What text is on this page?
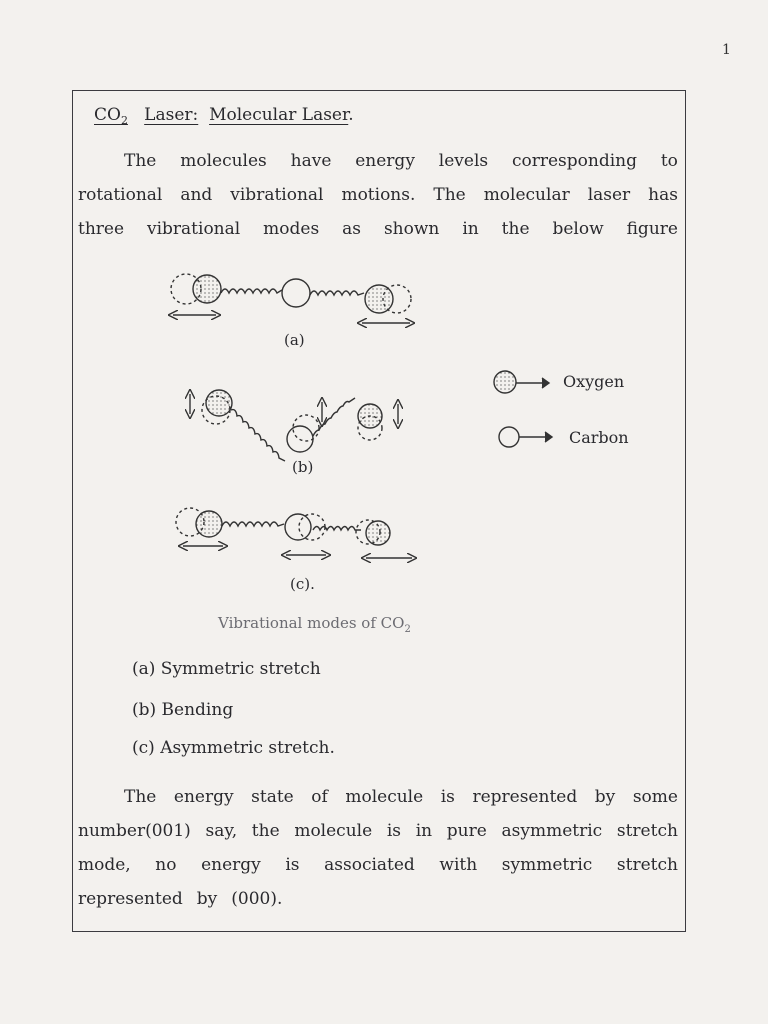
1
$CO_2$ Laser: Molecular Laser.
The molecules have energy levels corresponding to
rotational and vibrational motions. The molecular laser has
three vibrational modes as shown in the below figure
(a)
(b)
(c).
Oxygen
Carbon
Vibrational modes of $CO_2$
(a) Symmetric stretch
(b) Bending
(c) Asymmetric stretch.
The energy state of molecule is represented by some
number(001) say, the molecule is in pure asymmetric stretch
mode, no energy is associated with symmetric stretch
represented by (000).
